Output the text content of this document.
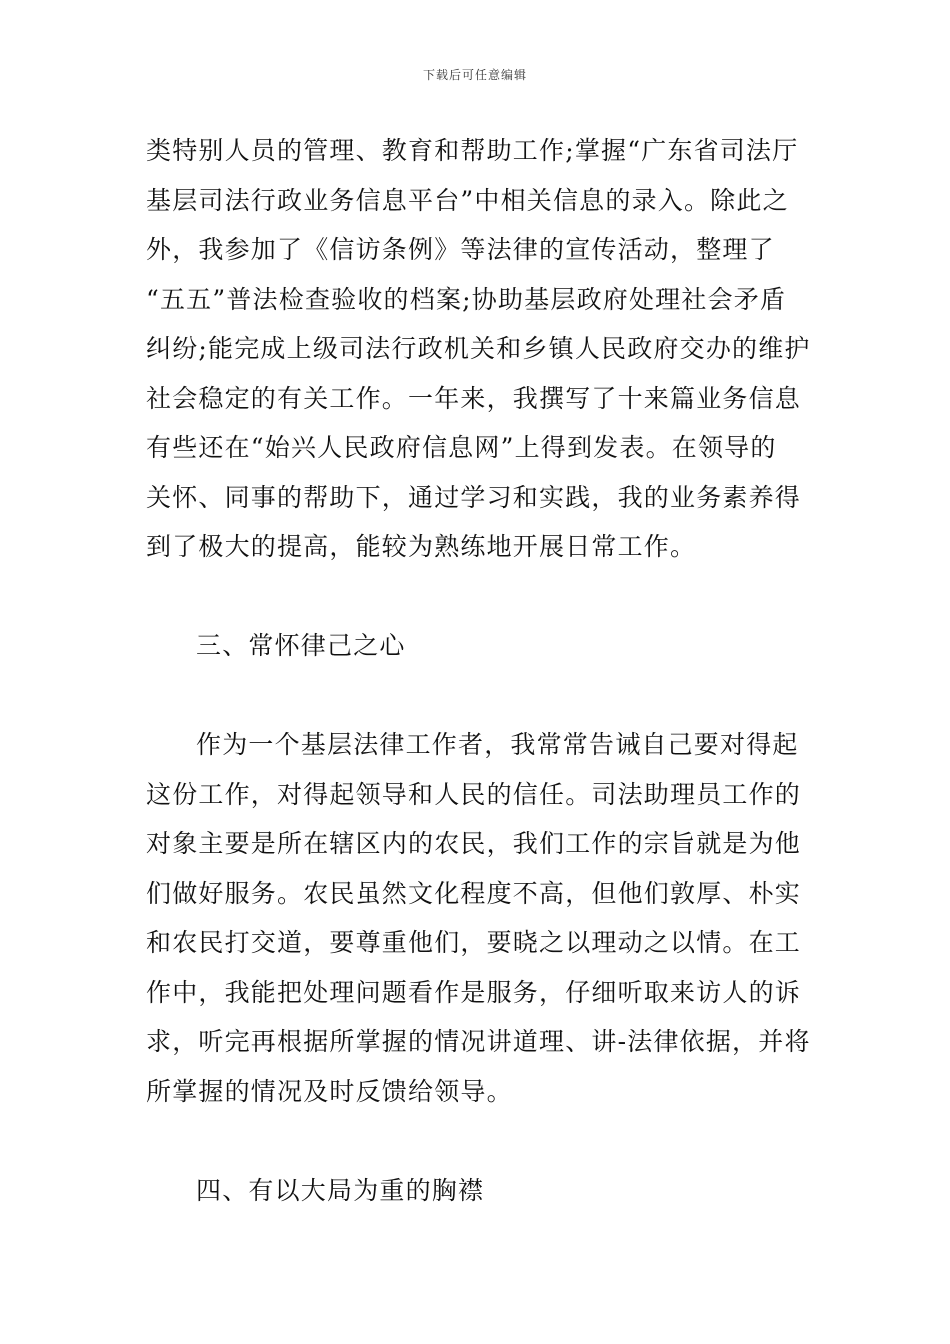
下载后可任意编辑
类特别人员的管理、教育和帮助工作;掌握“广东省司法厅
基层司法行政业务信息平台”中相关信息的录入。除此之
外，我参加了《信访条例》等法律的宣传活动，整理了
“五五”普法检查验收的档案;协助基层政府处理社会矛盾
纠纷;能完成上级司法行政机关和乡镇人民政府交办的维护
社会稳定的有关工作。一年来，我撰写了十来篇业务信息
有些还在“始兴人民政府信息网”上得到发表。在领导的
关怀、同事的帮助下，通过学习和实践，我的业务素养得
到了极大的提高，能较为熟练地开展日常工作。
三、常怀律己之心
作为一个基层法律工作者，我常常告诫自己要对得起
这份工作，对得起领导和人民的信任。司法助理员工作的
对象主要是所在辖区内的农民，我们工作的宗旨就是为他
们做好服务。农民虽然文化程度不高，但他们敦厚、朴实
和农民打交道，要尊重他们，要晓之以理动之以情。在工
作中，我能把处理问题看作是服务，仔细听取来访人的诉
求，听完再根据所掌握的情况讲道理、讲-法律依据，并将
所掌握的情况及时反馈给领导。
四、有以大局为重的胸襟
